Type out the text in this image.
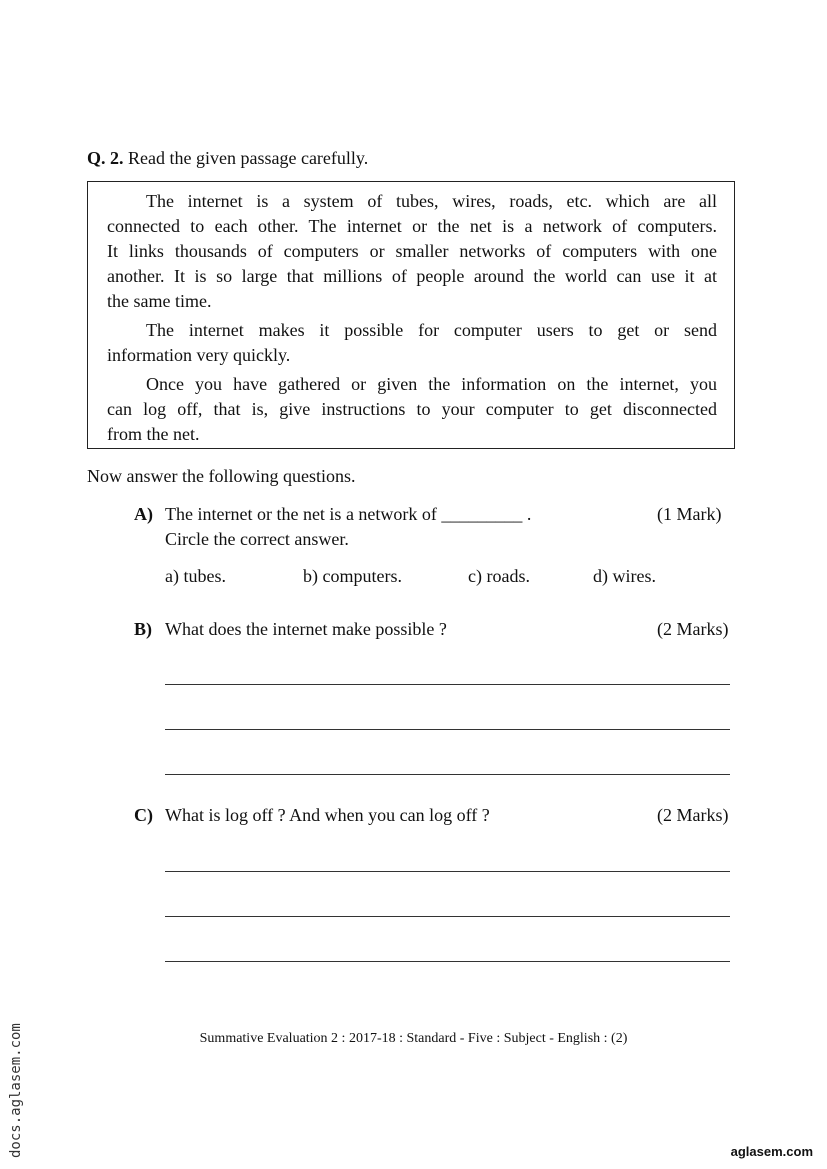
Q. 2. Read the given passage carefully.
The internet is a system of tubes, wires, roads, etc. which are all
connected to each other. The internet or the net is a network of computers.
It links thousands of computers or smaller networks of computers with one
another. It is so large that millions of people around the world can use it at
the same time.
The internet makes it possible for computer users to get or send
information very quickly.
Once you have gathered or given the information on the internet, you
can log off, that is, give instructions to your computer to get disconnected
from the net.
Now answer the following questions.
A) The internet or the net is a network of _________ .	(1 Mark)
Circle the correct answer.
a) tubes.	b) computers.	c) roads.	d) wires.
B) What does the internet make possible ?	(2 Marks)
C) What is log off ? And when you can log off ?	(2 Marks)
Summative Evaluation 2 : 2017-18 : Standard - Five : Subject - English : (2)
docs.aglasem.com	aglasem.com
